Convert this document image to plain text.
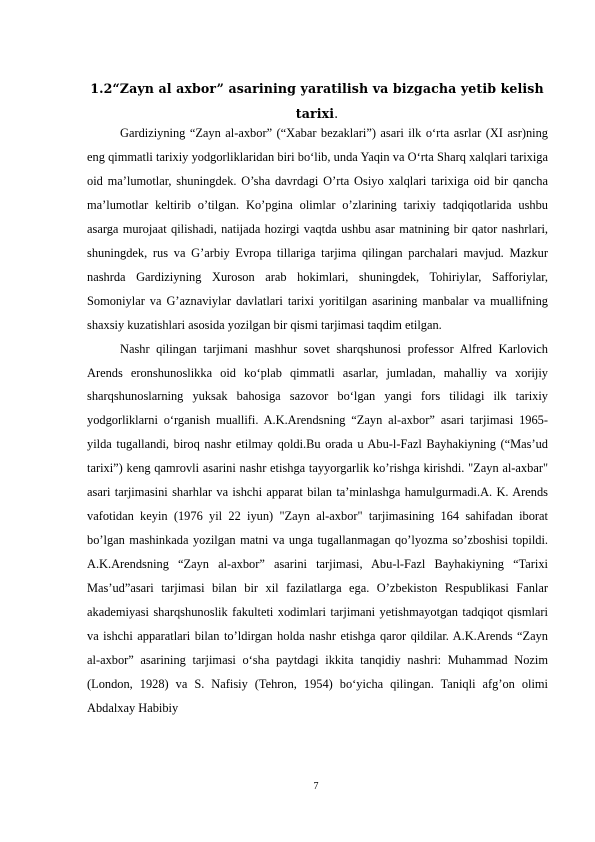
1.2“Zayn al axbor” asarining yaratilish va bizgacha yetib kelish tarixi.

Gardiziyning “Zayn al-axbor” (“Xabar bezaklari”) asari ilk o‘rta asrlar (XI asr)ning eng qimmatli tarixiy yodgorliklaridan biri bo‘lib, unda Yaqin va O‘rta Sharq xalqlari tarixiga oid ma’lumotlar, shuningdek. O’sha davrdagi O’rta Osiyo xalqlari tarixiga oid bir qancha ma’lumotlar keltirib o’tilgan. Ko’pgina olimlar o’zlarining tarixiy tadqiqotlarida ushbu asarga murojaat qilishadi, natijada hozirgi vaqtda ushbu asar matnining bir qator nashrlari, shuningdek, rus va G’arbiy Evropa tillariga tarjima qilingan parchalari mavjud. Mazkur nashrda Gardiziyning Xuroson arab hokimlari, shuningdek, Tohiriylar, Safforiylar, Somoniylar va G’aznaviylar davlatlari tarixi yoritilgan asarining manbalar va muallifning shaxsiy kuzatishlari asosida yozilgan bir qismi tarjimasi taqdim etilgan.

Nashr qilingan tarjimani mashhur sovet sharqshunosi professor Alfred Karlovich Arends eronshunoslikka oid ko‘plab qimmatli asarlar, jumladan, mahalliy va xorijiy sharqshunoslarning yuksak bahosiga sazovor bo‘lgan yangi fors tilidagi ilk tarixiy yodgorliklarni o‘rganish muallifi. A.K.Arendsning “Zayn al-axbor” asari tarjimasi 1965-yilda tugallandi, biroq nashr etilmay qoldi.Bu orada u Abu-l-Fazl Bayhakiyning (“Mas’ud tarixi”) keng qamrovli asarini nashr etishga tayyorgarlik ko’rishga kirishdi. "Zayn al-axbar" asari tarjimasini sharhlar va ishchi apparat bilan ta’minlashga hamulgurmadi.A. K. Arends vafotidan keyin (1976 yil 22 iyun) "Zayn al-axbor" tarjimasining 164 sahifadan iborat bo’lgan mashinkada yozilgan matni va unga tugallanmagan qo’lyozma so’zboshisi topildi. A.K.Arendsning “Zayn al-axbor” asarini tarjimasi, Abu-l-Fazl Bayhakiyning “Tarixi Mas’ud”asari tarjimasi bilan bir xil fazilatlarga ega. O’zbekiston Respublikasi Fanlar akademiyasi sharqshunoslik fakulteti xodimlari tarjimani yetishmayotgan tadqiqot qismlari va ishchi apparatlari bilan to’ldirgan holda nashr etishga qaror qildilar. A.K.Arends “Zayn al-axbor” asarining tarjimasi o‘sha paytdagi ikkita tanqidiy nashri: Muhammad Nozim (London, 1928) va S. Nafisiy (Tehron, 1954) bo‘yicha qilingan. Taniqli afg’on olimi Abdalxay Habibiy

7
